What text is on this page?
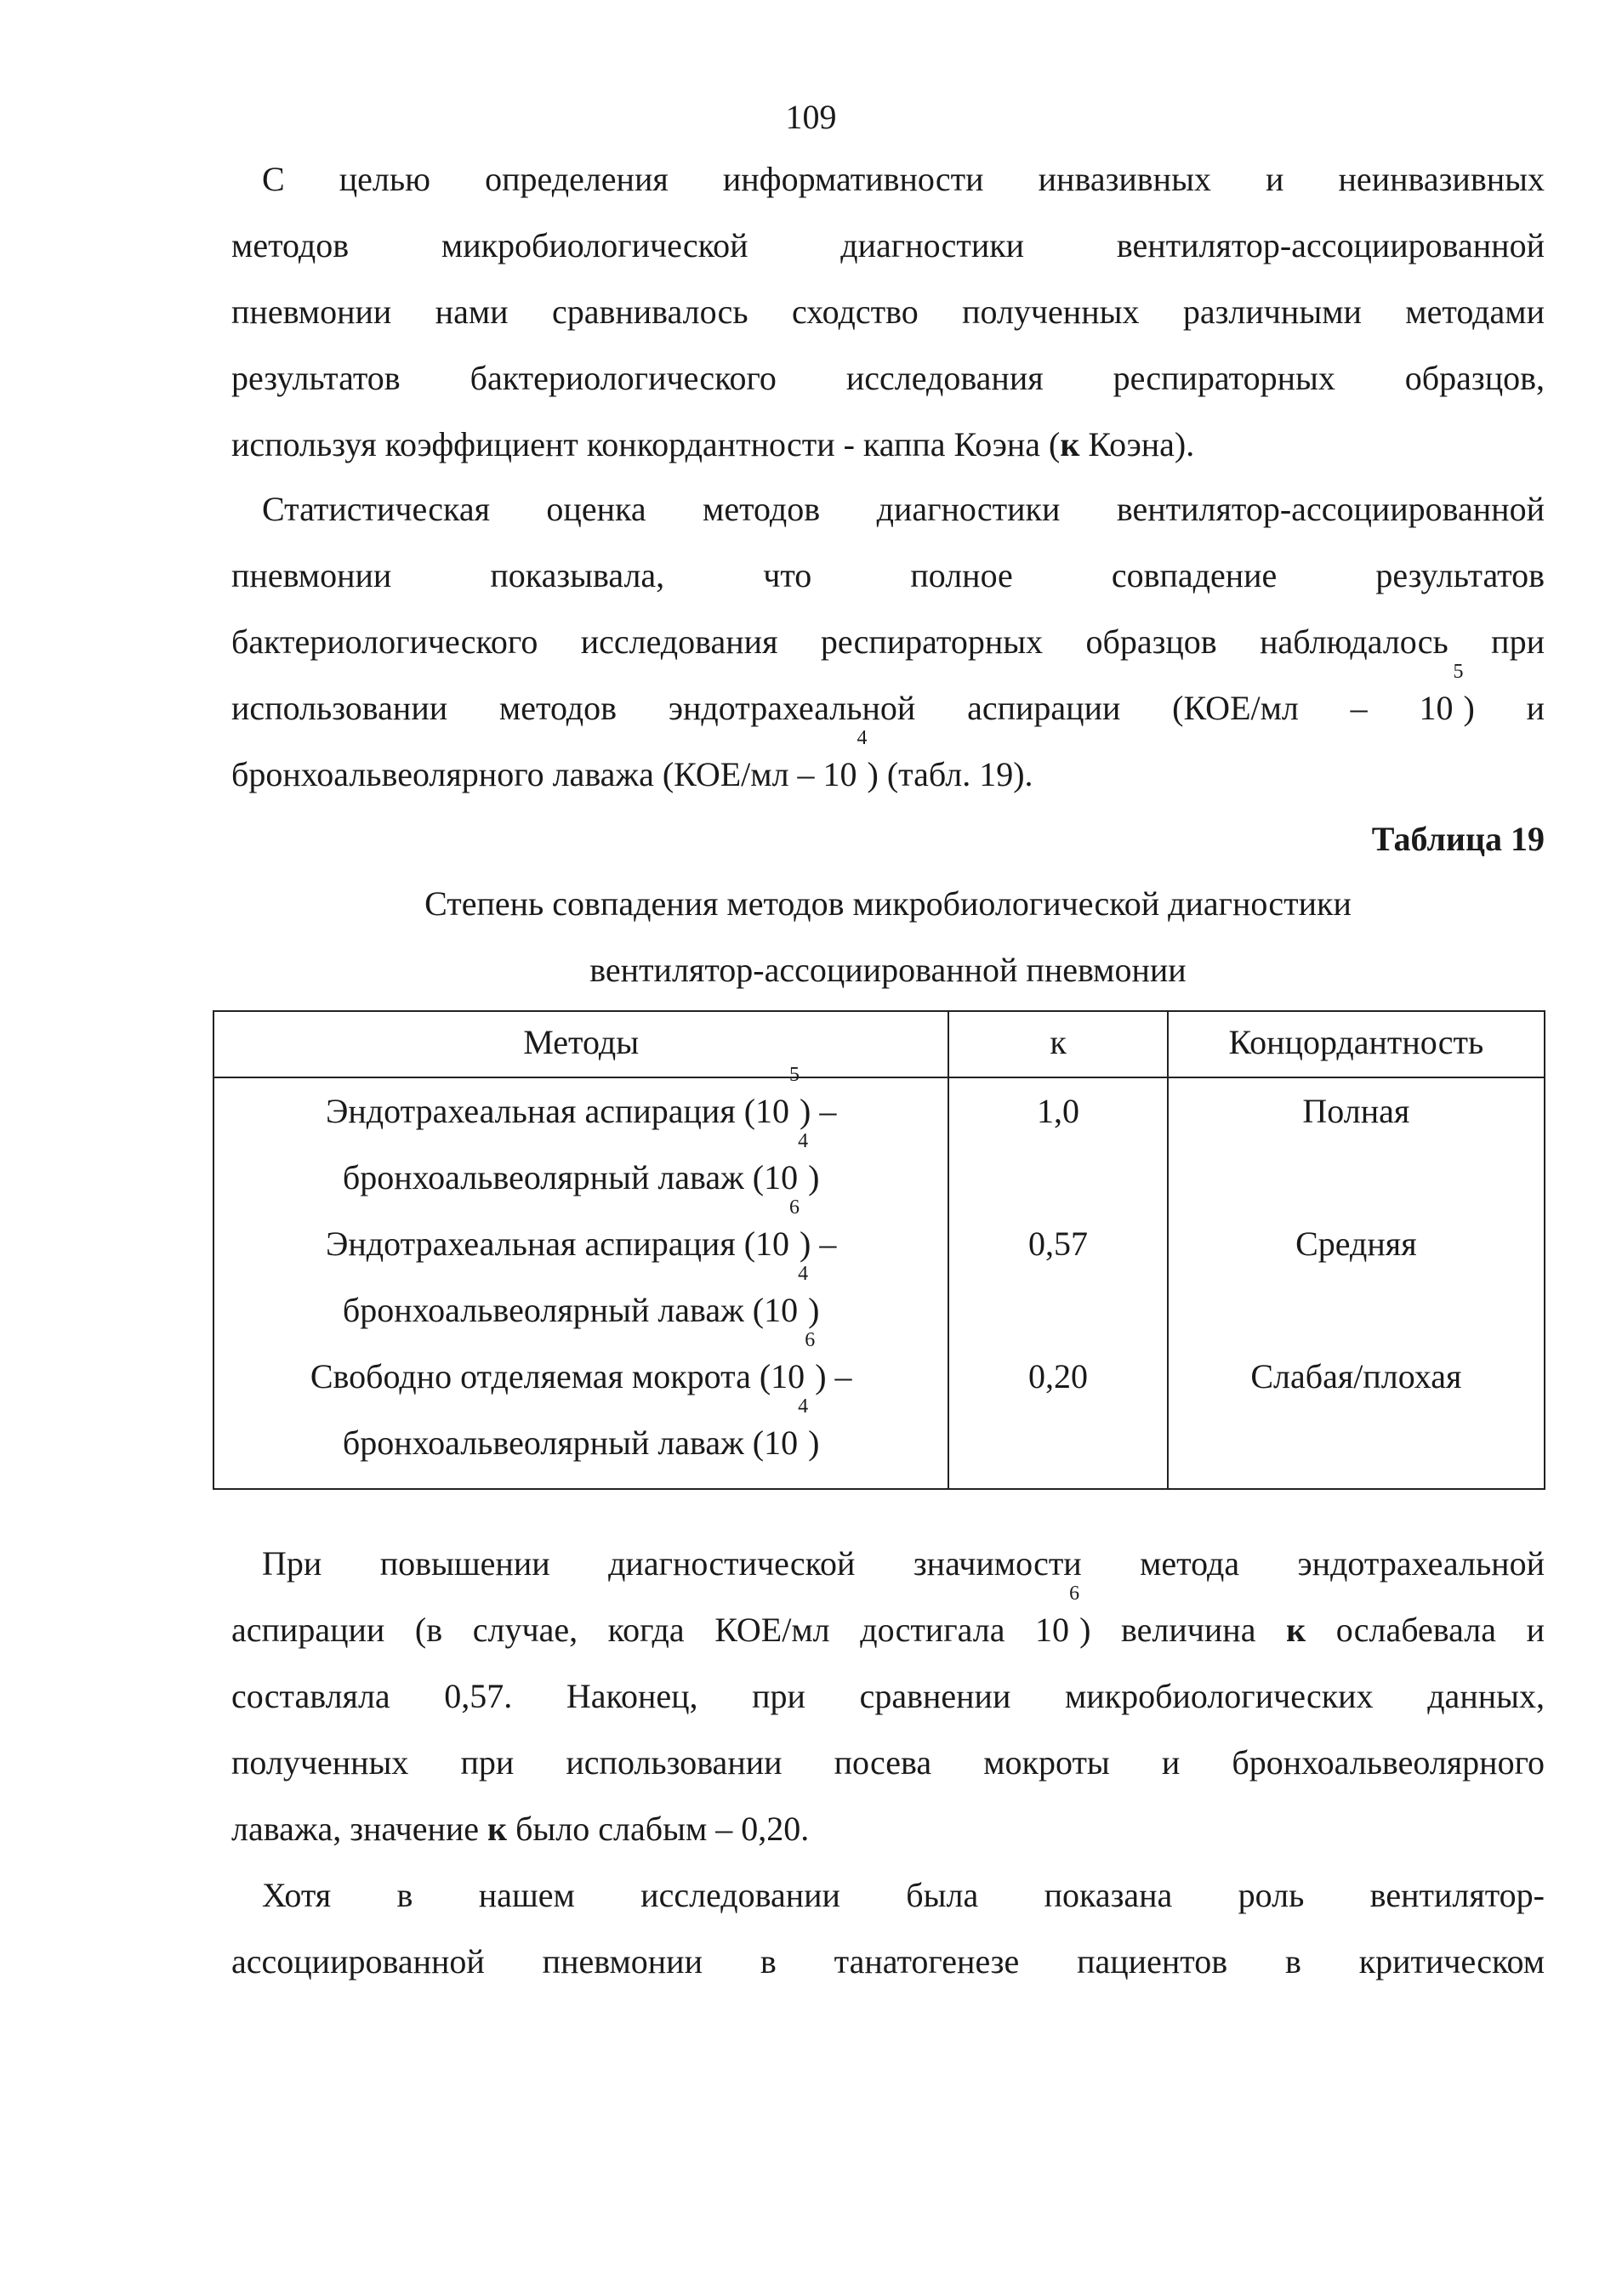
109
С целью определения информативности инвазивных и неинвазивных
методов микробиологической диагностики вентилятор-ассоциированной
пневмонии нами сравнивалось сходство полученных различными методами
результатов бактериологического исследования респираторных образцов,
используя коэффициент конкордантности - каппа Коэна (к Коэна).
Статистическая оценка методов диагностики вентилятор-ассоциированной
пневмонии показывала, что полное совпадение результатов
бактериологического исследования респираторных образцов наблюдалось при
использовании методов эндотрахеальной аспирации $(КОЕ/мл - 10^5)$ и
бронхоальвеолярного лаважа $(КОЕ/мл - 10^4)$ (табл. 19).
Таблица 19
Степень совпадения методов микробиологической диагностики
вентилятор-ассоциированной пневмонии
Методы	к	Концордантность

Эндотрахеальная аспирация $(10^5)$ –
бронхоальвеолярный лаваж $(10^4)$	1,0	Полная

Эндотрахеальная аспирация $(10^6)$ –
бронхоальвеолярный лаваж $(10^4)$	0,57	Средняя

Свободно отделяемая мокрота $(10^6)$ –
бронхоальвеолярный лаваж $(10^4)$	0,20	Слабая/плохая
При повышении диагностической значимости метода эндотрахеальной
аспирации (в случае, когда КОЕ/мл достигала $10^6$) величина к ослабевала и
составляла 0,57. Наконец, при сравнении микробиологических данных,
полученных при использовании посева мокроты и бронхоальвеолярного
лаважа, значение к было слабым – 0,20.
Хотя в нашем исследовании была показана роль вентилятор-
ассоциированной пневмонии в танатогенезе пациентов в критическом
